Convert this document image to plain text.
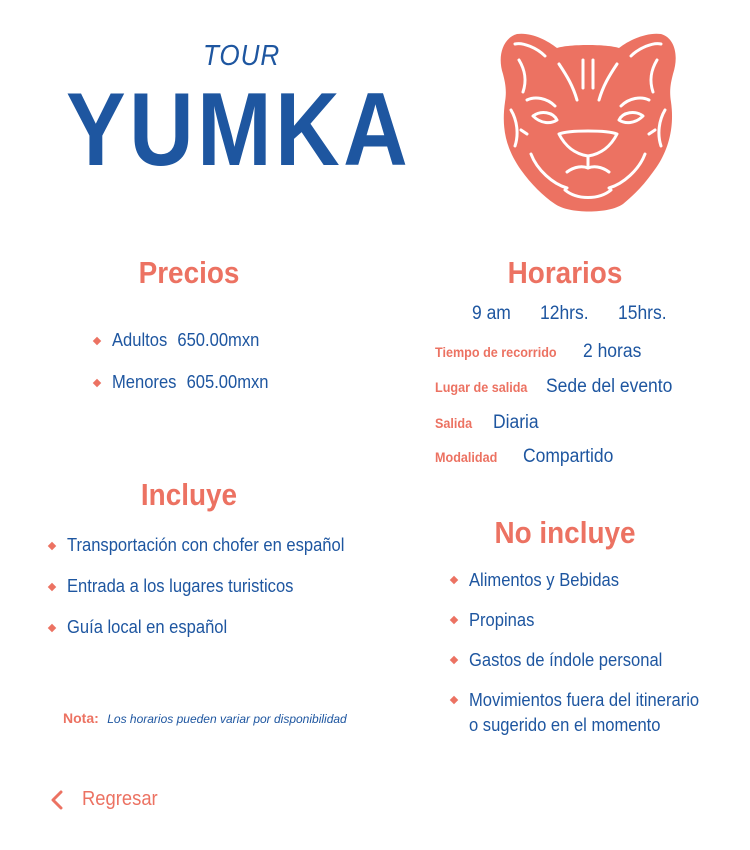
TOUR
YUMKA
Precios
Adultos 650.00mxn
Menores 605.00mxn
Horarios
9 am 12hrs. 15hrs.
Tiempo de recorrido 2 horas
Lugar de salida Sede del evento
Salida Diaria
Modalidad Compartido
Incluye
Transportación con chofer en español
Entrada a los lugares turisticos
Guía local en español
No incluye
Alimentos y Bebidas
Propinas
Gastos de índole personal
Movimientos fuera del itinerario
o sugerido en el momento
Nota: Los horarios pueden variar por disponibilidad
Regresar
